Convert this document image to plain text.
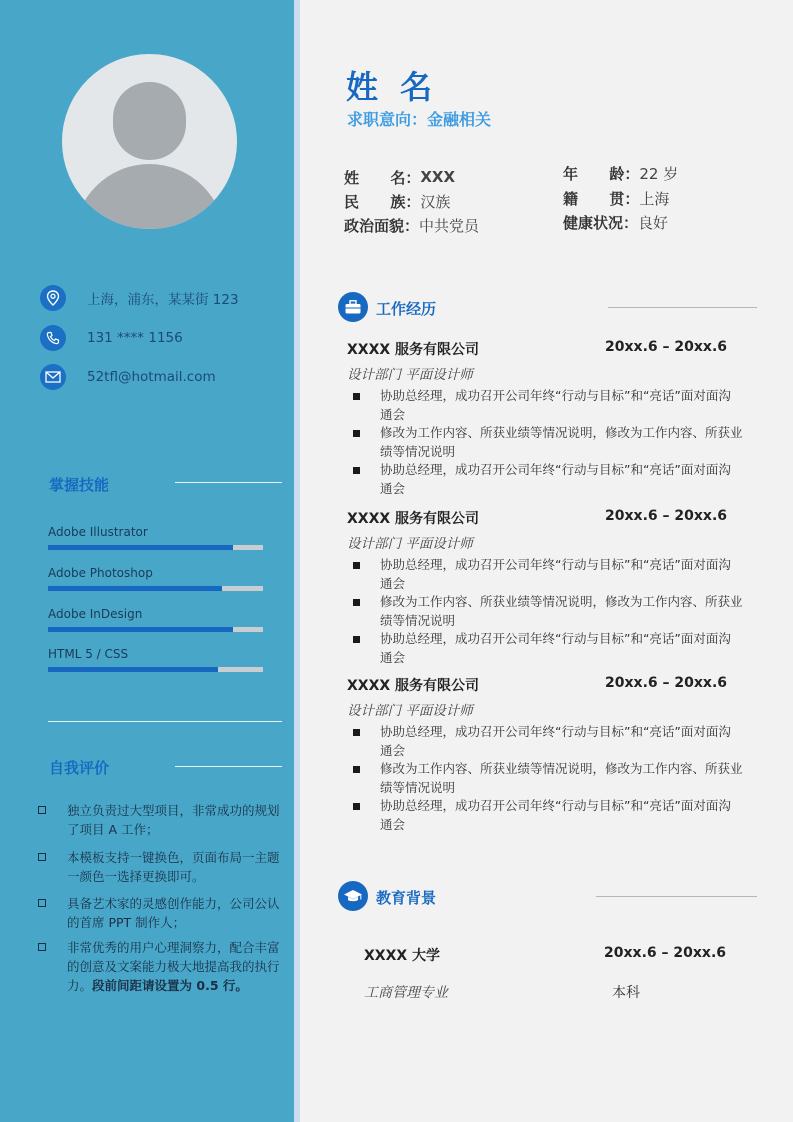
上海，浦东，某某街 123
131 **** 1156
52tfl@hotmail.com
掌握技能
Adobe Illustrator
Adobe Photoshop
Adobe InDesign
HTML 5 / CSS
自我评价
独立负责过大型项目，非常成功的规划了项目 A 工作；
本模板支持一键换色，页面布局一主题一颜色一选择更换即可。
具备艺术家的灵感创作能力，公司公认的首席 PPT 制作人；
非常优秀的用户心理洞察力，配合丰富的创意及文案能力极大地提高我的执行力。段前间距请设置为 0.5 行。
姓名
求职意向：金融相关
姓      名： XXX
民      族： 汉族
政治面貌： 中共党员
年      龄： 22 岁
籍      贯： 上海
健康状况： 良好
工作经历
XXXX 服务有限公司	20xx.6 – 20xx.6
设计部门 平面设计师
协助总经理，成功召开公司年终“行动与目标”和“亮话”面对面沟通会
修改为工作内容、所获业绩等情况说明，修改为工作内容、所获业绩等情况说明
协助总经理，成功召开公司年终“行动与目标”和“亮话”面对面沟通会
XXXX 服务有限公司	20xx.6 – 20xx.6
设计部门 平面设计师
协助总经理，成功召开公司年终“行动与目标”和“亮话”面对面沟通会
修改为工作内容、所获业绩等情况说明，修改为工作内容、所获业绩等情况说明
协助总经理，成功召开公司年终“行动与目标”和“亮话”面对面沟通会
XXXX 服务有限公司	20xx.6 – 20xx.6
设计部门 平面设计师
协助总经理，成功召开公司年终“行动与目标”和“亮话”面对面沟通会
修改为工作内容、所获业绩等情况说明，修改为工作内容、所获业绩等情况说明
协助总经理，成功召开公司年终“行动与目标”和“亮话”面对面沟通会
教育背景
XXXX 大学	20xx.6 – 20xx.6
工商管理专业	本科
